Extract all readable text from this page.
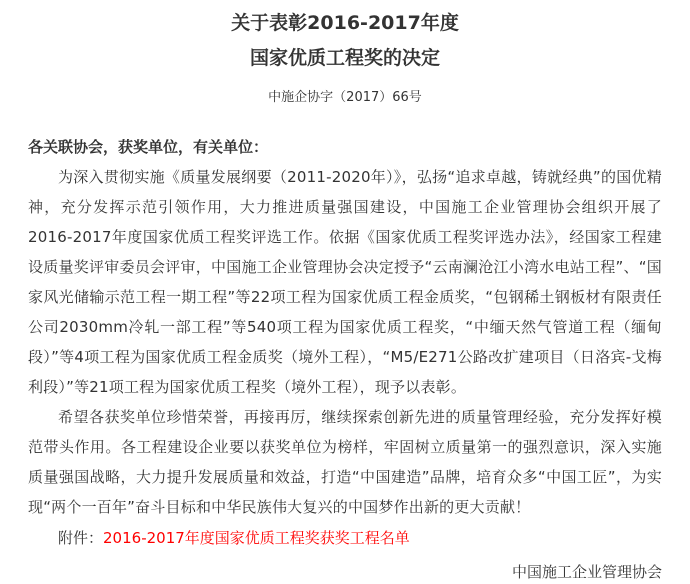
关于表彰2016-2017年度
国家优质工程奖的决定
中施企协字（2017）66号
各关联协会，获奖单位，有关单位：

为深入贯彻实施《质量发展纲要（2011-2020年）》，弘扬“追求卓越，铸就经典”的国优精神，充分发挥示范引领作用，大力推进质量强国建设，中国施工企业管理协会组织开展了2016-2017年度国家优质工程奖评选工作。依据《国家优质工程奖评选办法》，经国家工程建设质量奖评审委员会评审，中国施工企业管理协会决定授予“云南澜沧江小湾水电站工程”、“国家风光储输示范工程一期工程”等22项工程为国家优质工程金质奖，“包钢稀土钢板材有限责任公司2030mm冷轧一部工程”等540项工程为国家优质工程奖，“中缅天然气管道工程（缅甸段）”等4项工程为国家优质工程金质奖（境外工程），“M5/E271公路改扩建项目（日洛宾-戈梅利段）”等21项工程为国家优质工程奖（境外工程），现予以表彰。

希望各获奖单位珍惜荣誉，再接再厉，继续探索创新先进的质量管理经验，充分发挥好模范带头作用。各工程建设企业要以获奖单位为榜样，牢固树立质量第一的强烈意识，深入实施质量强国战略，大力提升发展质量和效益，打造“中国建造”品牌，培育众多“中国工匠”，为实现“两个一百年”奋斗目标和中华民族伟大复兴的中国梦作出新的更大贡献！

附件：2016-2017年度国家优质工程奖获奖工程名单

中国施工企业管理协会
